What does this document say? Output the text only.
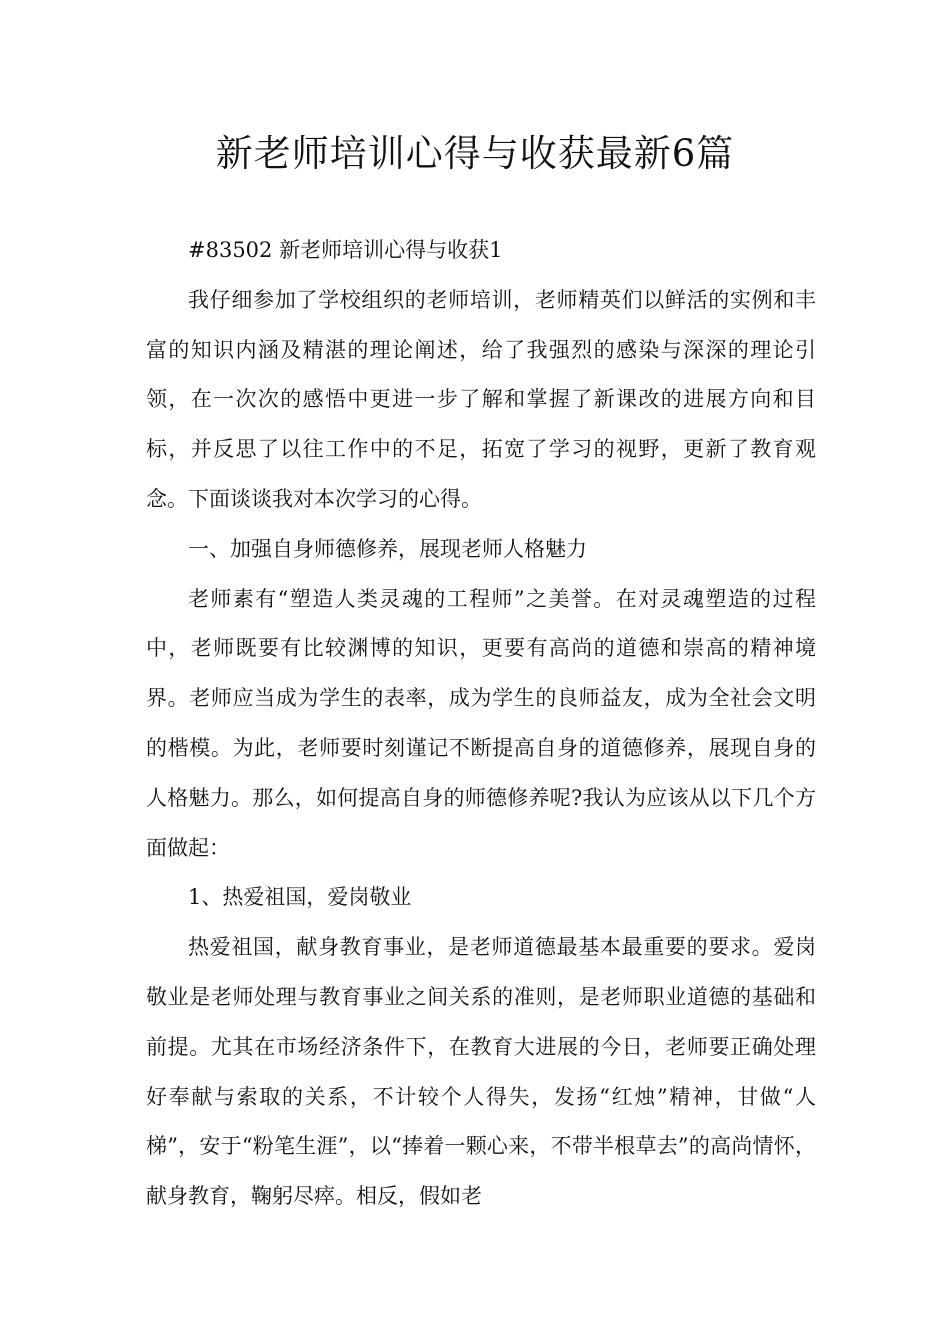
新老师培训心得与收获最新6篇

#83502 新老师培训心得与收获1

我仔细参加了学校组织的老师培训，老师精英们以鲜活的实例和丰富的知识内涵及精湛的理论阐述，给了我强烈的感染与深深的理论引领，在一次次的感悟中更进一步了解和掌握了新课改的进展方向和目标，并反思了以往工作中的不足，拓宽了学习的视野，更新了教育观念。下面谈谈我对本次学习的心得。

一、加强自身师德修养，展现老师人格魅力

老师素有“塑造人类灵魂的工程师”之美誉。在对灵魂塑造的过程中，老师既要有比较渊博的知识，更要有高尚的道德和崇高的精神境界。老师应当成为学生的表率，成为学生的良师益友，成为全社会文明的楷模。为此，老师要时刻谨记不断提高自身的道德修养，展现自身的人格魅力。那么，如何提高自身的师德修养呢?我认为应该从以下几个方面做起：

1、热爱祖国，爱岗敬业

热爱祖国，献身教育事业，是老师道德最基本最重要的要求。爱岗敬业是老师处理与教育事业之间关系的准则，是老师职业道德的基础和前提。尤其在市场经济条件下，在教育大进展的今日，老师要正确处理好奉献与索取的关系，不计较个人得失，发扬“红烛”精神，甘做“人梯”，安于“粉笔生涯”，以“捧着一颗心来，不带半根草去”的高尚情怀，献身教育，鞠躬尽瘁。相反，假如老
